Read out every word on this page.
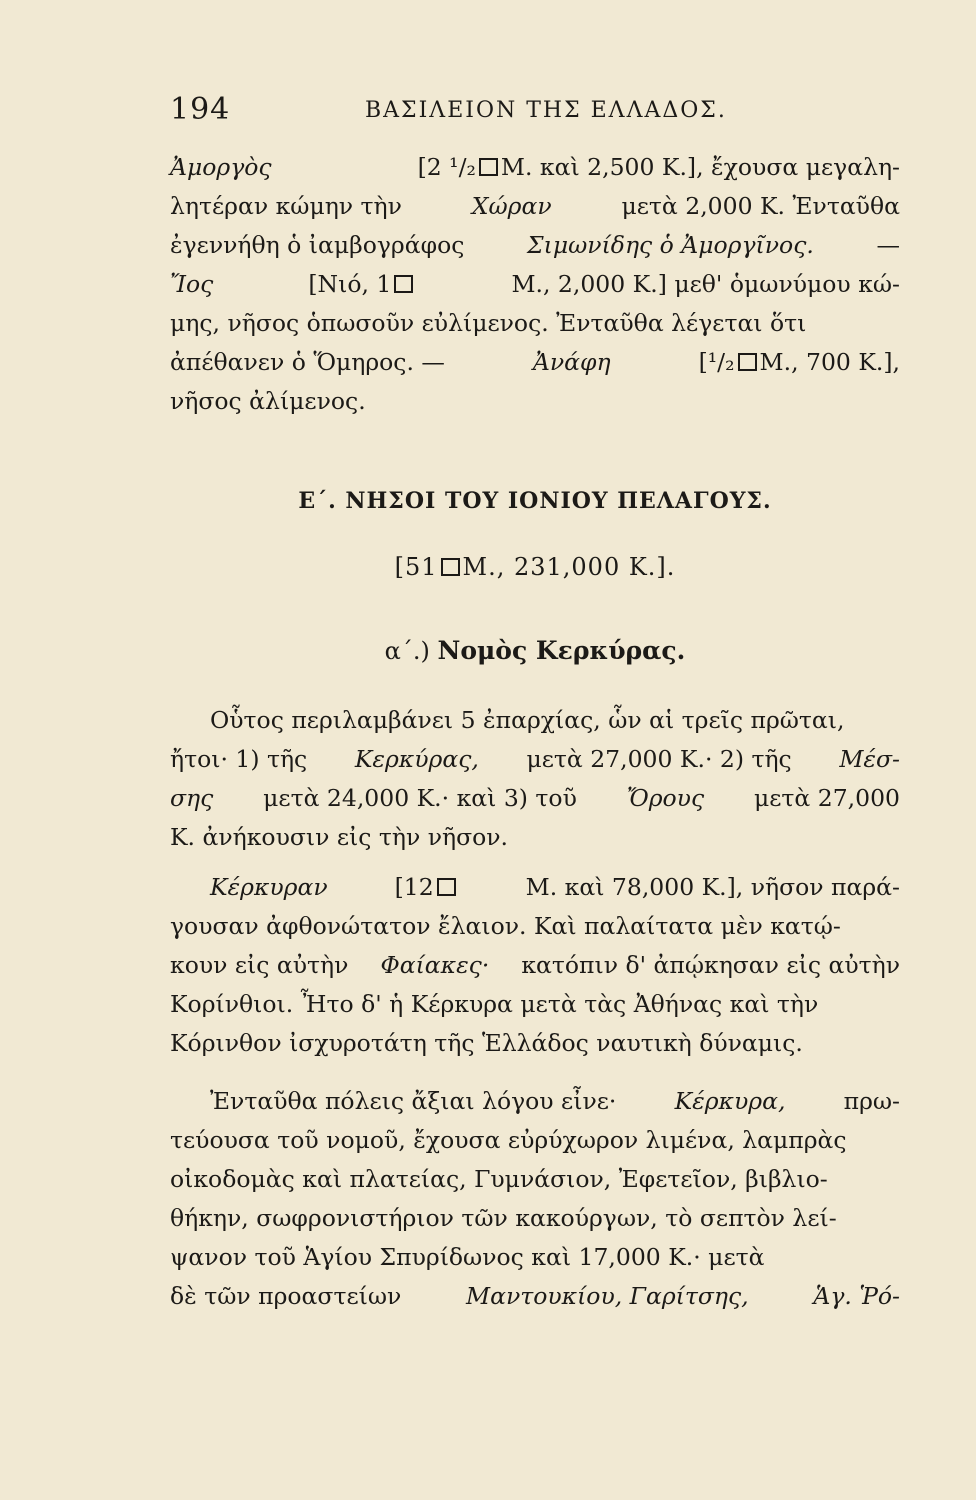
194	ΒΑΣΙΛΕΙΟΝ ΤΗΣ ΕΛΛΑΔΟΣ.
Ἀμοργὸς	[2 ¹/₂ Μ. καὶ 2,500 Κ.], ἔχουσα μεγαλη-
λητέραν κώμην τὴν	Χώραν	μετὰ 2,000 Κ. Ἐνταῦθα
ἐγεννήθη ὁ ἰαμβογράφος	Σιμωνίδης ὁ Ἀμοργῖνος.	—
Ἴος	[Νιό, 1	Μ., 2,000 Κ.] μεθ' ὁμωνύμου κώ-
μης, νῆσος ὁπωσοῦν εὐλίμενος. Ἐνταῦθα λέγεται ὅτι
ἀπέθανεν ὁ Ὅμηρος. —	Ἀνάφη	[¹/₂ Μ., 700 Κ.],
νῆσος ἀλίμενος.
Ε΄. ΝΗΣΟΙ ΤΟΥ ΙΟΝΙΟΥ ΠΕΛΑΓΟΥΣ.
[51 Μ., 231,000 Κ.].
α΄.) Νομὸς Κερκύρας.
Οὗτος περιλαμβάνει 5 ἐπαρχίας, ὧν αἱ τρεῖς πρῶται,
ἤτοι· 1) τῆς Κερκύρας, μετὰ 27,000 Κ.· 2) τῆς Μέσ-
σης μετὰ 24,000 Κ.· καὶ 3) τοῦ Ὄρους μετὰ 27,000
Κ. ἀνήκουσιν εἰς τὴν νῆσον.
Κέρκυραν	[12	Μ. καὶ 78,000 Κ.], νῆσον παρά-
γουσαν ἀφθονώτατον ἔλαιον. Καὶ παλαίτατα μὲν κατῴ-
κουν εἰς αὐτὴν Φαίακες· κατόπιν δ' ἀπῴκησαν εἰς αὐτὴν
Κορίνθιοι. Ἦτο δ' ἡ Κέρκυρα μετὰ τὰς Ἀθήνας καὶ τὴν
Κόρινθον ἰσχυροτάτη τῆς Ἑλλάδος ναυτικὴ δύναμις.
Ἐνταῦθα πόλεις ἄξιαι λόγου εἶνε· Κέρκυρα, πρω-
τεύουσα τοῦ νομοῦ, ἔχουσα εὐρύχωρον λιμένα, λαμπρὰς
οἰκοδομὰς καὶ πλατείας, Γυμνάσιον, Ἐφετεῖον, βιβλιο-
θήκην, σωφρονιστήριον τῶν κακούργων, τὸ σεπτὸν λεί-
ψανον τοῦ Ἁγίου Σπυρίδωνος καὶ 17,000 Κ.· μετὰ
δὲ τῶν προαστείων	Μαντουκίου, Γαρίτσης,	Ἁγ. Ῥό-
